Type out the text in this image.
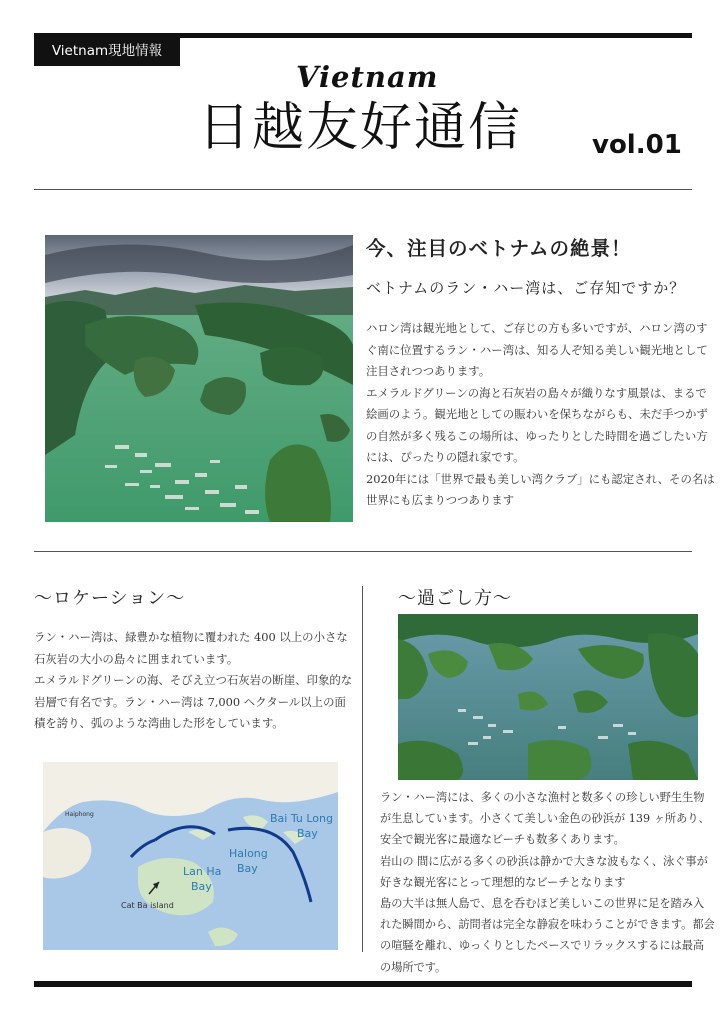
Vietnam現地情報
Vietnam
日越友好通信	vol.01
今、注目のベトナムの絶景！
ベトナムのラン・ハー湾は、ご存知ですか？

ハロン湾は観光地として、ご存じの方も多いですが、ハロン湾のすぐ南に位置するラン・ハー湾は、知る人ぞ知る美しい観光地として注目されつつあります。

エメラルドグリーンの海と石灰岩の島々が織りなす風景は、まるで絵画のよう。観光地としての賑わいを保ちながらも、未だ手つかずの自然が多く残るこの場所は、ゆったりとした時間を過ごしたい方には、ぴったりの隠れ家です。

2020年には「世界で最も美しい湾クラブ」にも認定され、その名は世界にも広まりつつあります

～ロケーション～

ラン・ハー湾は、緑豊かな植物に覆われた 400 以上の小さな石灰岩の大小の島々に囲まれています。

エメラルドグリーンの海、そびえ立つ石灰岩の断崖、印象的な岩層で有名です。ラン・ハー湾は 7,000 ヘクタール以上の面積を誇り、弧のような湾曲した形をしています。

Haiphong
Lan Ha
Bay
Halong
Bay
Bai Tu Long
Bay
Cat Ba island
～過ごし方～

ラン・ハー湾には、多くの小さな漁村と数多くの珍しい野生生物が生息しています。小さくて美しい金色の砂浜が 139 ヶ所あり、安全で観光客に最適なビーチも数多くあります。

岩山の 間に広がる多くの砂浜は静かで大きな波もなく、泳ぐ事が好きな観光客にとって理想的なビーチとなります

島の大半は無人島で、息を呑むほど美しいこの世界に足を踏み入れた瞬間から、訪問者は完全な静寂を味わうことができます。都会の喧騒を離れ、ゆっくりとしたペースでリラックスするには最高の場所です。
